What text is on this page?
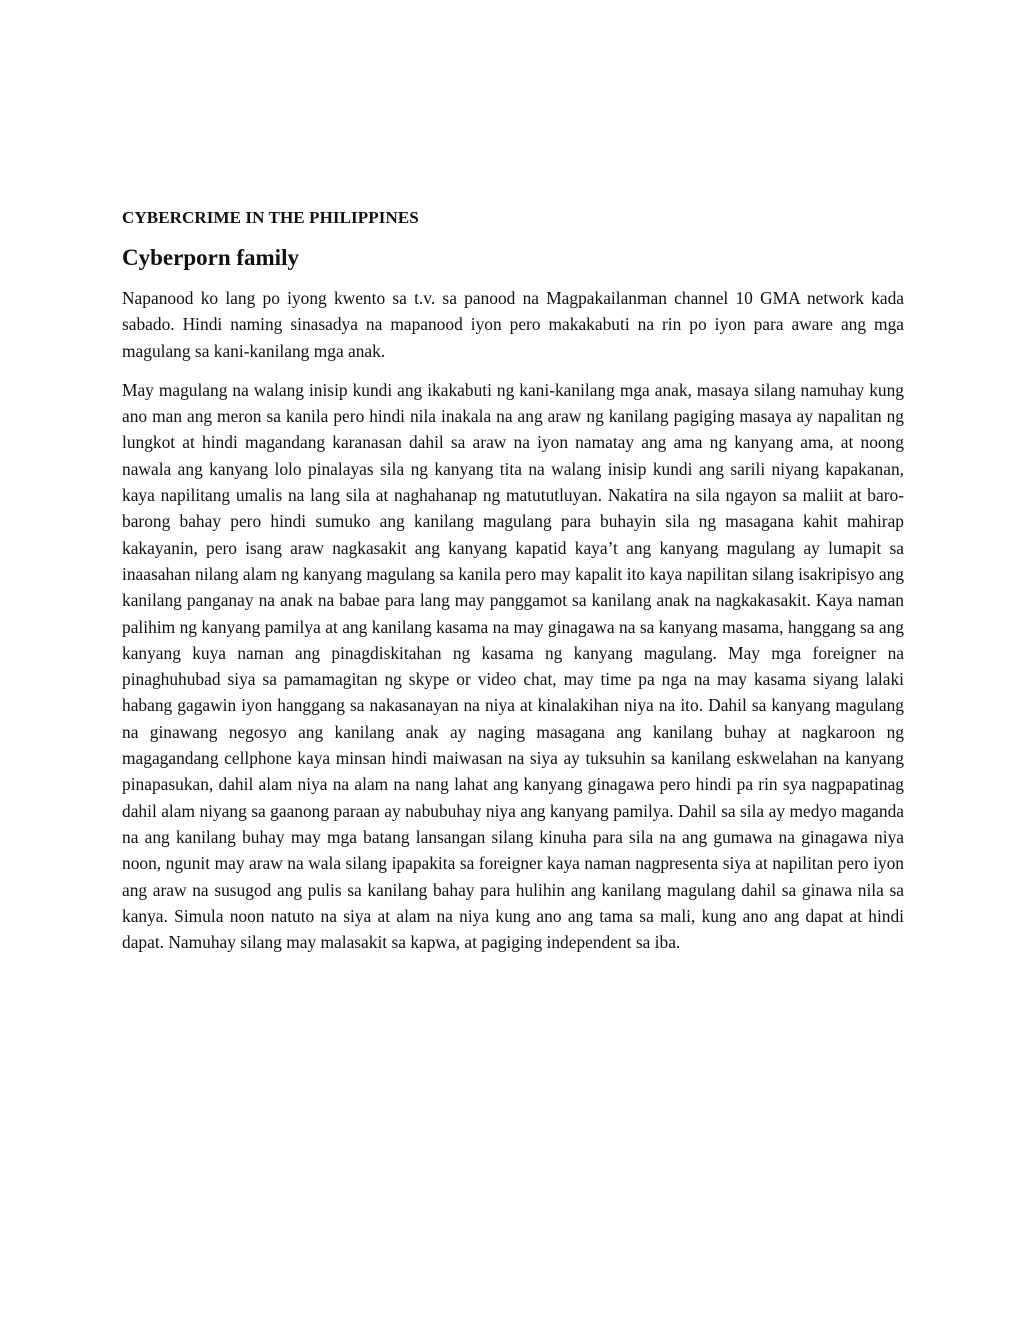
CYBERCRIME IN THE PHILIPPINES
Cyberporn family

Napanood ko lang po iyong kwento sa t.v. sa panood na Magpakailanman channel 10 GMA network kada sabado. Hindi naming sinasadya na mapanood iyon pero makakabuti na rin po iyon para aware ang mga magulang sa kani-kanilang mga anak.

May magulang na walang inisip kundi ang ikakabuti ng kani-kanilang mga anak, masaya silang namuhay kung ano man ang meron sa kanila pero hindi nila inakala na ang araw ng kanilang pagiging masaya ay napalitan ng lungkot at hindi magandang karanasan dahil sa araw na iyon namatay ang ama ng kanyang ama, at noong nawala ang kanyang lolo pinalayas sila ng kanyang tita na walang inisip kundi ang sarili niyang kapakanan, kaya napilitang umalis na lang sila at naghahanap ng matututluyan. Nakatira na sila ngayon sa maliit at baro-barong bahay pero hindi sumuko ang kanilang magulang para buhayin sila ng masagana kahit mahirap kakayanin, pero isang araw nagkasakit ang kanyang kapatid kaya’t ang kanyang magulang ay lumapit sa inaasahan nilang alam ng kanyang magulang sa kanila pero may kapalit ito kaya napilitan silang isakripisyo ang kanilang panganay na anak na babae para lang may panggamot sa kanilang anak na nagkakasakit. Kaya naman palihim ng kanyang pamilya at ang kanilang kasama na may ginagawa na sa kanyang masama, hanggang sa ang kanyang kuya naman ang pinagdiskitahan ng kasama ng kanyang magulang. May mga foreigner na pinaghuhubad siya sa pamamagitan ng skype or video chat, may time pa nga na may kasama siyang lalaki habang gagawin iyon hanggang sa nakasanayan na niya at kinalakihan niya na ito. Dahil sa kanyang magulang na ginawang negosyo ang kanilang anak ay naging masagana ang kanilang buhay at nagkaroon ng magagandang cellphone kaya minsan hindi maiwasan na siya ay tuksuhin sa kanilang eskwelahan na kanyang pinapasukan, dahil alam niya na alam na nang lahat ang kanyang ginagawa pero hindi pa rin sya nagpapatinag dahil alam niyang sa gaanong paraan ay nabubuhay niya ang kanyang pamilya. Dahil sa sila ay medyo maganda na ang kanilang buhay may mga batang lansangan silang kinuha para sila na ang gumawa na ginagawa niya noon, ngunit may araw na wala silang ipapakita sa foreigner kaya naman nagpresenta siya at napilitan pero iyon ang araw na susugod ang pulis sa kanilang bahay para hulihin ang kanilang magulang dahil sa ginawa nila sa kanya. Simula noon natuto na siya at alam na niya kung ano ang tama sa mali, kung ano ang dapat at hindi dapat. Namuhay silang may malasakit sa kapwa, at pagiging independent sa iba.
